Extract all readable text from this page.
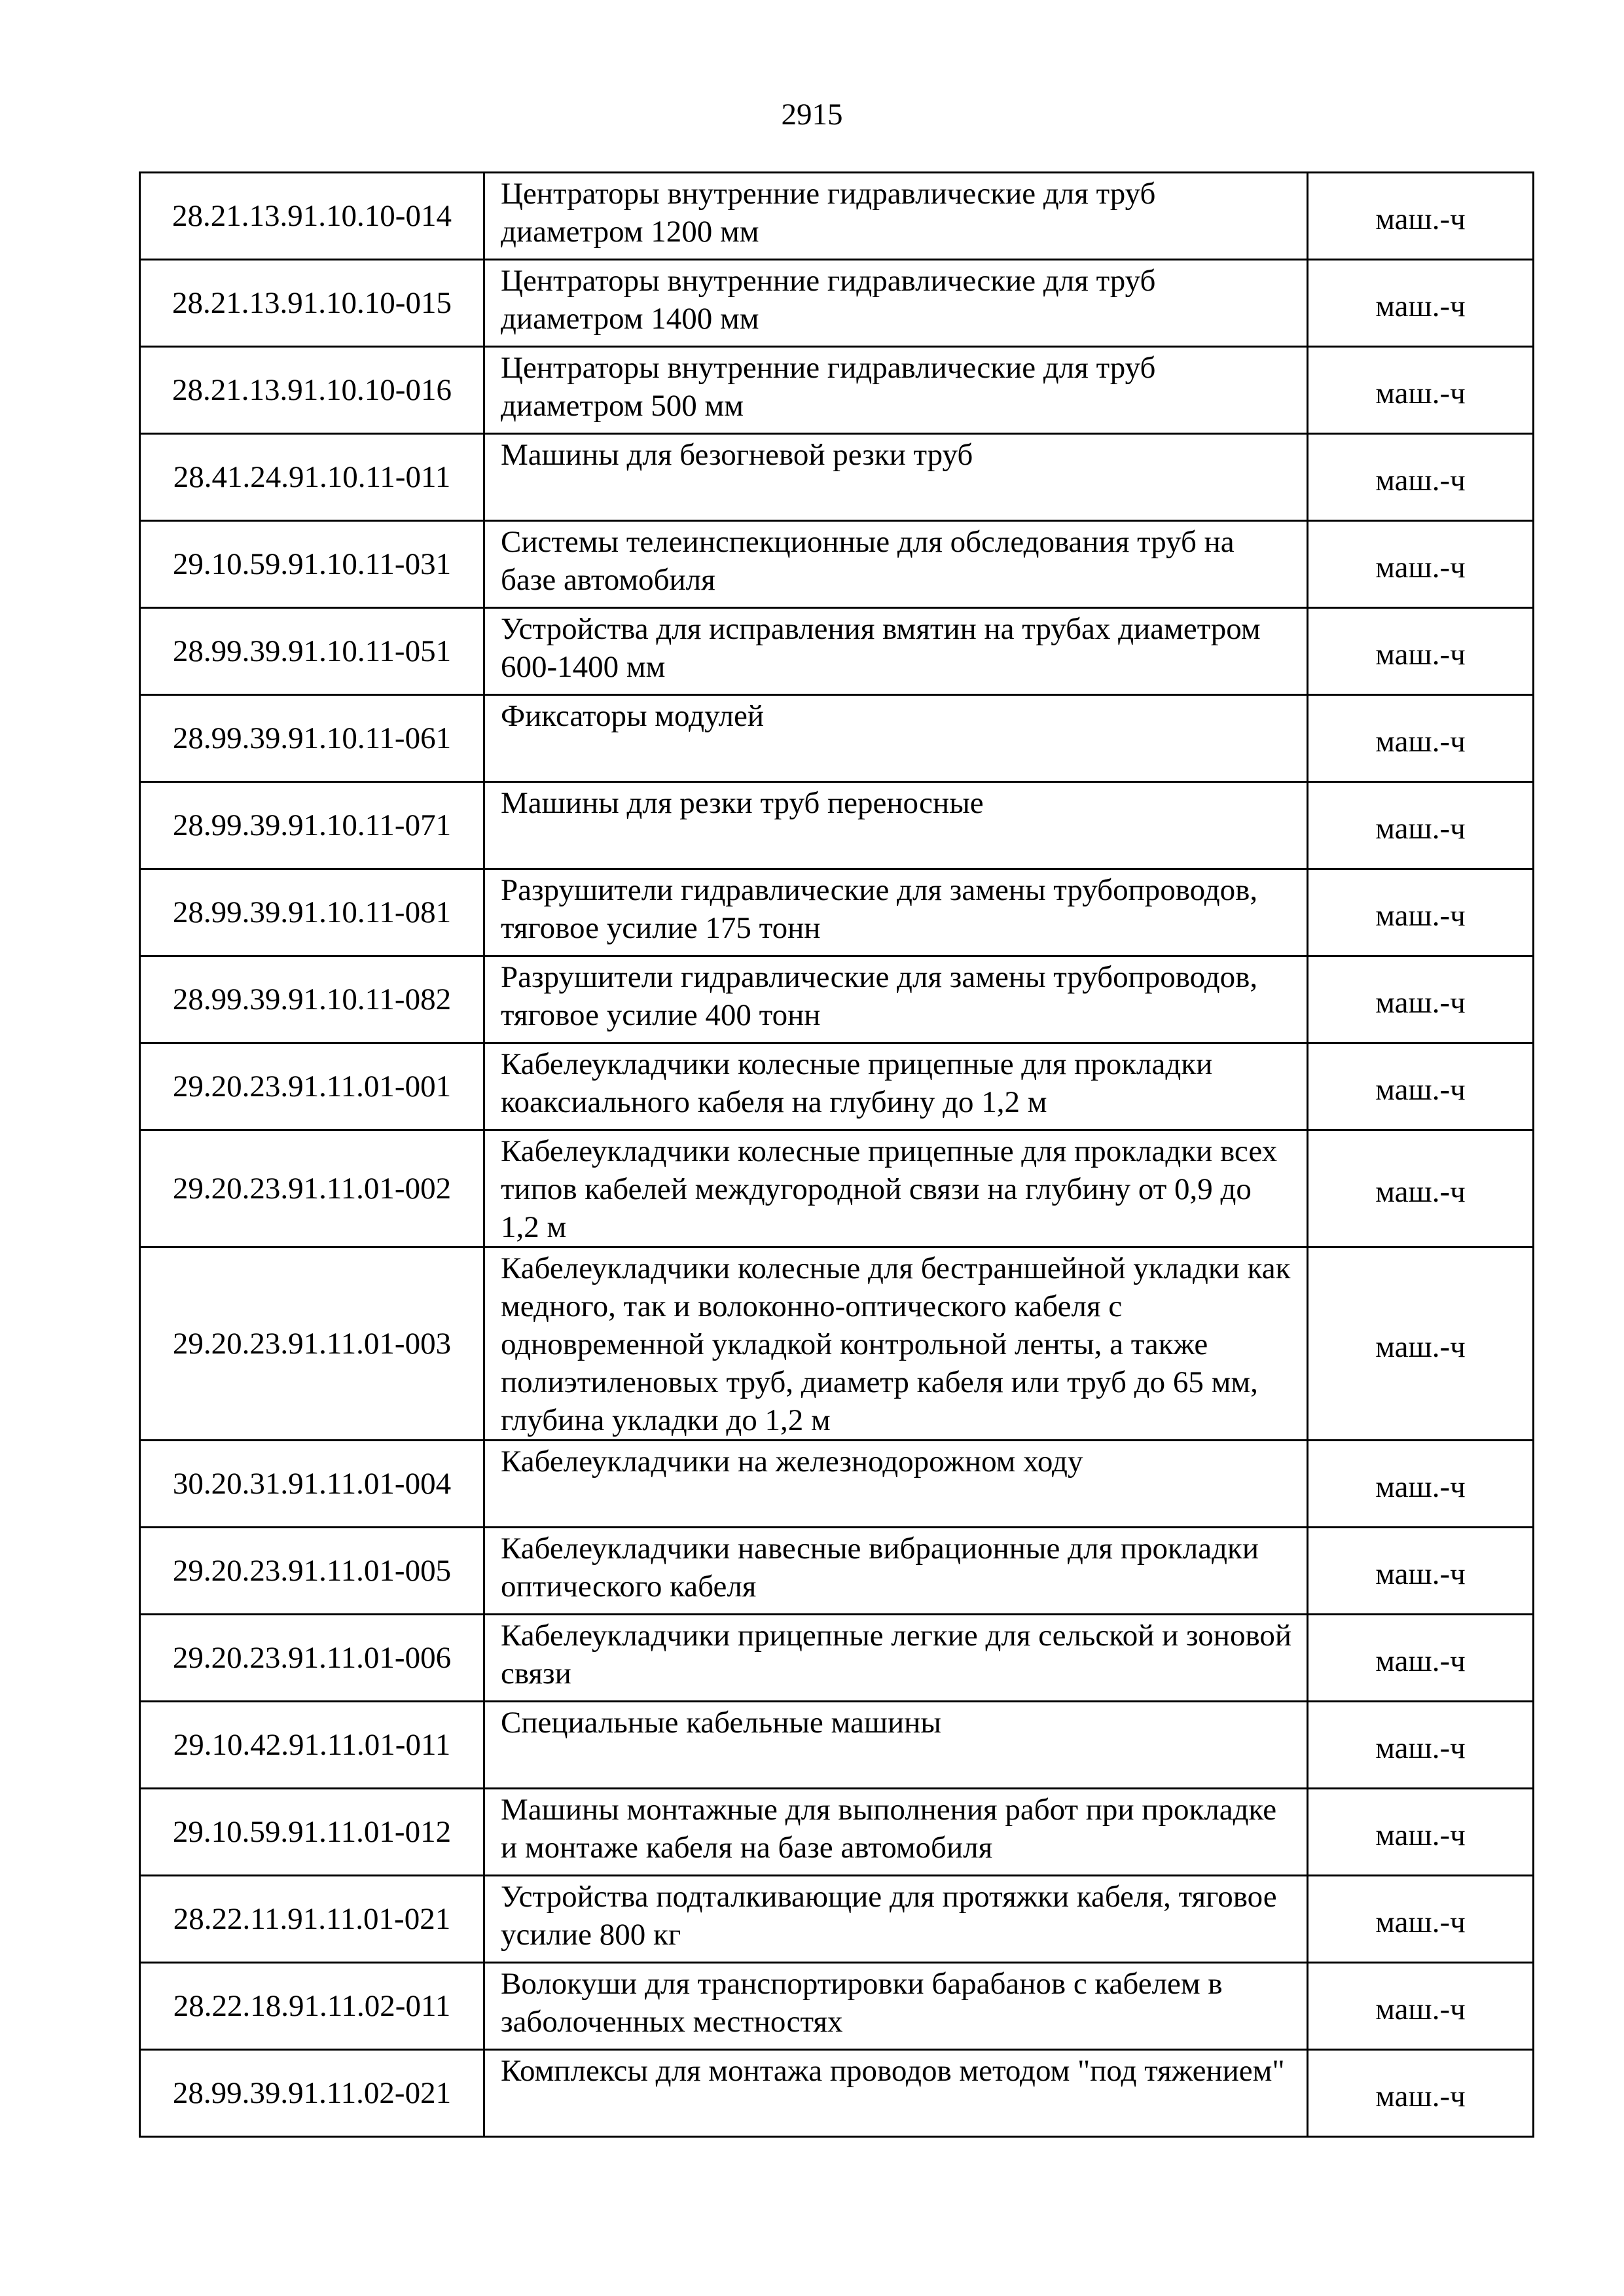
2915
28.21.13.91.10.10-014	Центраторы внутренние гидравлические для труб диаметром 1200 мм	маш.-ч
28.21.13.91.10.10-015	Центраторы внутренние гидравлические для труб диаметром 1400 мм	маш.-ч
28.21.13.91.10.10-016	Центраторы внутренние гидравлические для труб диаметром 500 мм	маш.-ч
28.41.24.91.10.11-011	Машины для безогневой резки труб	маш.-ч
29.10.59.91.10.11-031	Системы телеинспекционные для обследования труб на базе автомобиля	маш.-ч
28.99.39.91.10.11-051	Устройства для исправления вмятин на трубах диаметром 600-1400 мм	маш.-ч
28.99.39.91.10.11-061	Фиксаторы модулей	маш.-ч
28.99.39.91.10.11-071	Машины для резки труб переносные	маш.-ч
28.99.39.91.10.11-081	Разрушители гидравлические для замены трубопроводов, тяговое усилие 175 тонн	маш.-ч
28.99.39.91.10.11-082	Разрушители гидравлические для замены трубопроводов, тяговое усилие 400 тонн	маш.-ч
29.20.23.91.11.01-001	Кабелеукладчики колесные прицепные для прокладки коаксиального кабеля на глубину до 1,2 м	маш.-ч
29.20.23.91.11.01-002	Кабелеукладчики колесные прицепные для прокладки всех типов кабелей междугородной связи на глубину от 0,9 до 1,2 м	маш.-ч
29.20.23.91.11.01-003	Кабелеукладчики колесные для бестраншейной укладки как медного, так и волоконно-оптического кабеля с одновременной укладкой контрольной ленты, а также полиэтиленовых труб, диаметр кабеля или труб до 65 мм, глубина укладки до 1,2 м	маш.-ч
30.20.31.91.11.01-004	Кабелеукладчики на железнодорожном ходу	маш.-ч
29.20.23.91.11.01-005	Кабелеукладчики навесные вибрационные для прокладки оптического кабеля	маш.-ч
29.20.23.91.11.01-006	Кабелеукладчики прицепные легкие для сельской и зоновой связи	маш.-ч
29.10.42.91.11.01-011	Специальные кабельные машины	маш.-ч
29.10.59.91.11.01-012	Машины монтажные для выполнения работ при прокладке и монтаже кабеля на базе автомобиля	маш.-ч
28.22.11.91.11.01-021	Устройства подталкивающие для протяжки кабеля, тяговое усилие 800 кг	маш.-ч
28.22.18.91.11.02-011	Волокуши для транспортировки барабанов с кабелем в заболоченных местностях	маш.-ч
28.99.39.91.11.02-021	Комплексы для монтажа проводов методом "под тяжением"	маш.-ч
